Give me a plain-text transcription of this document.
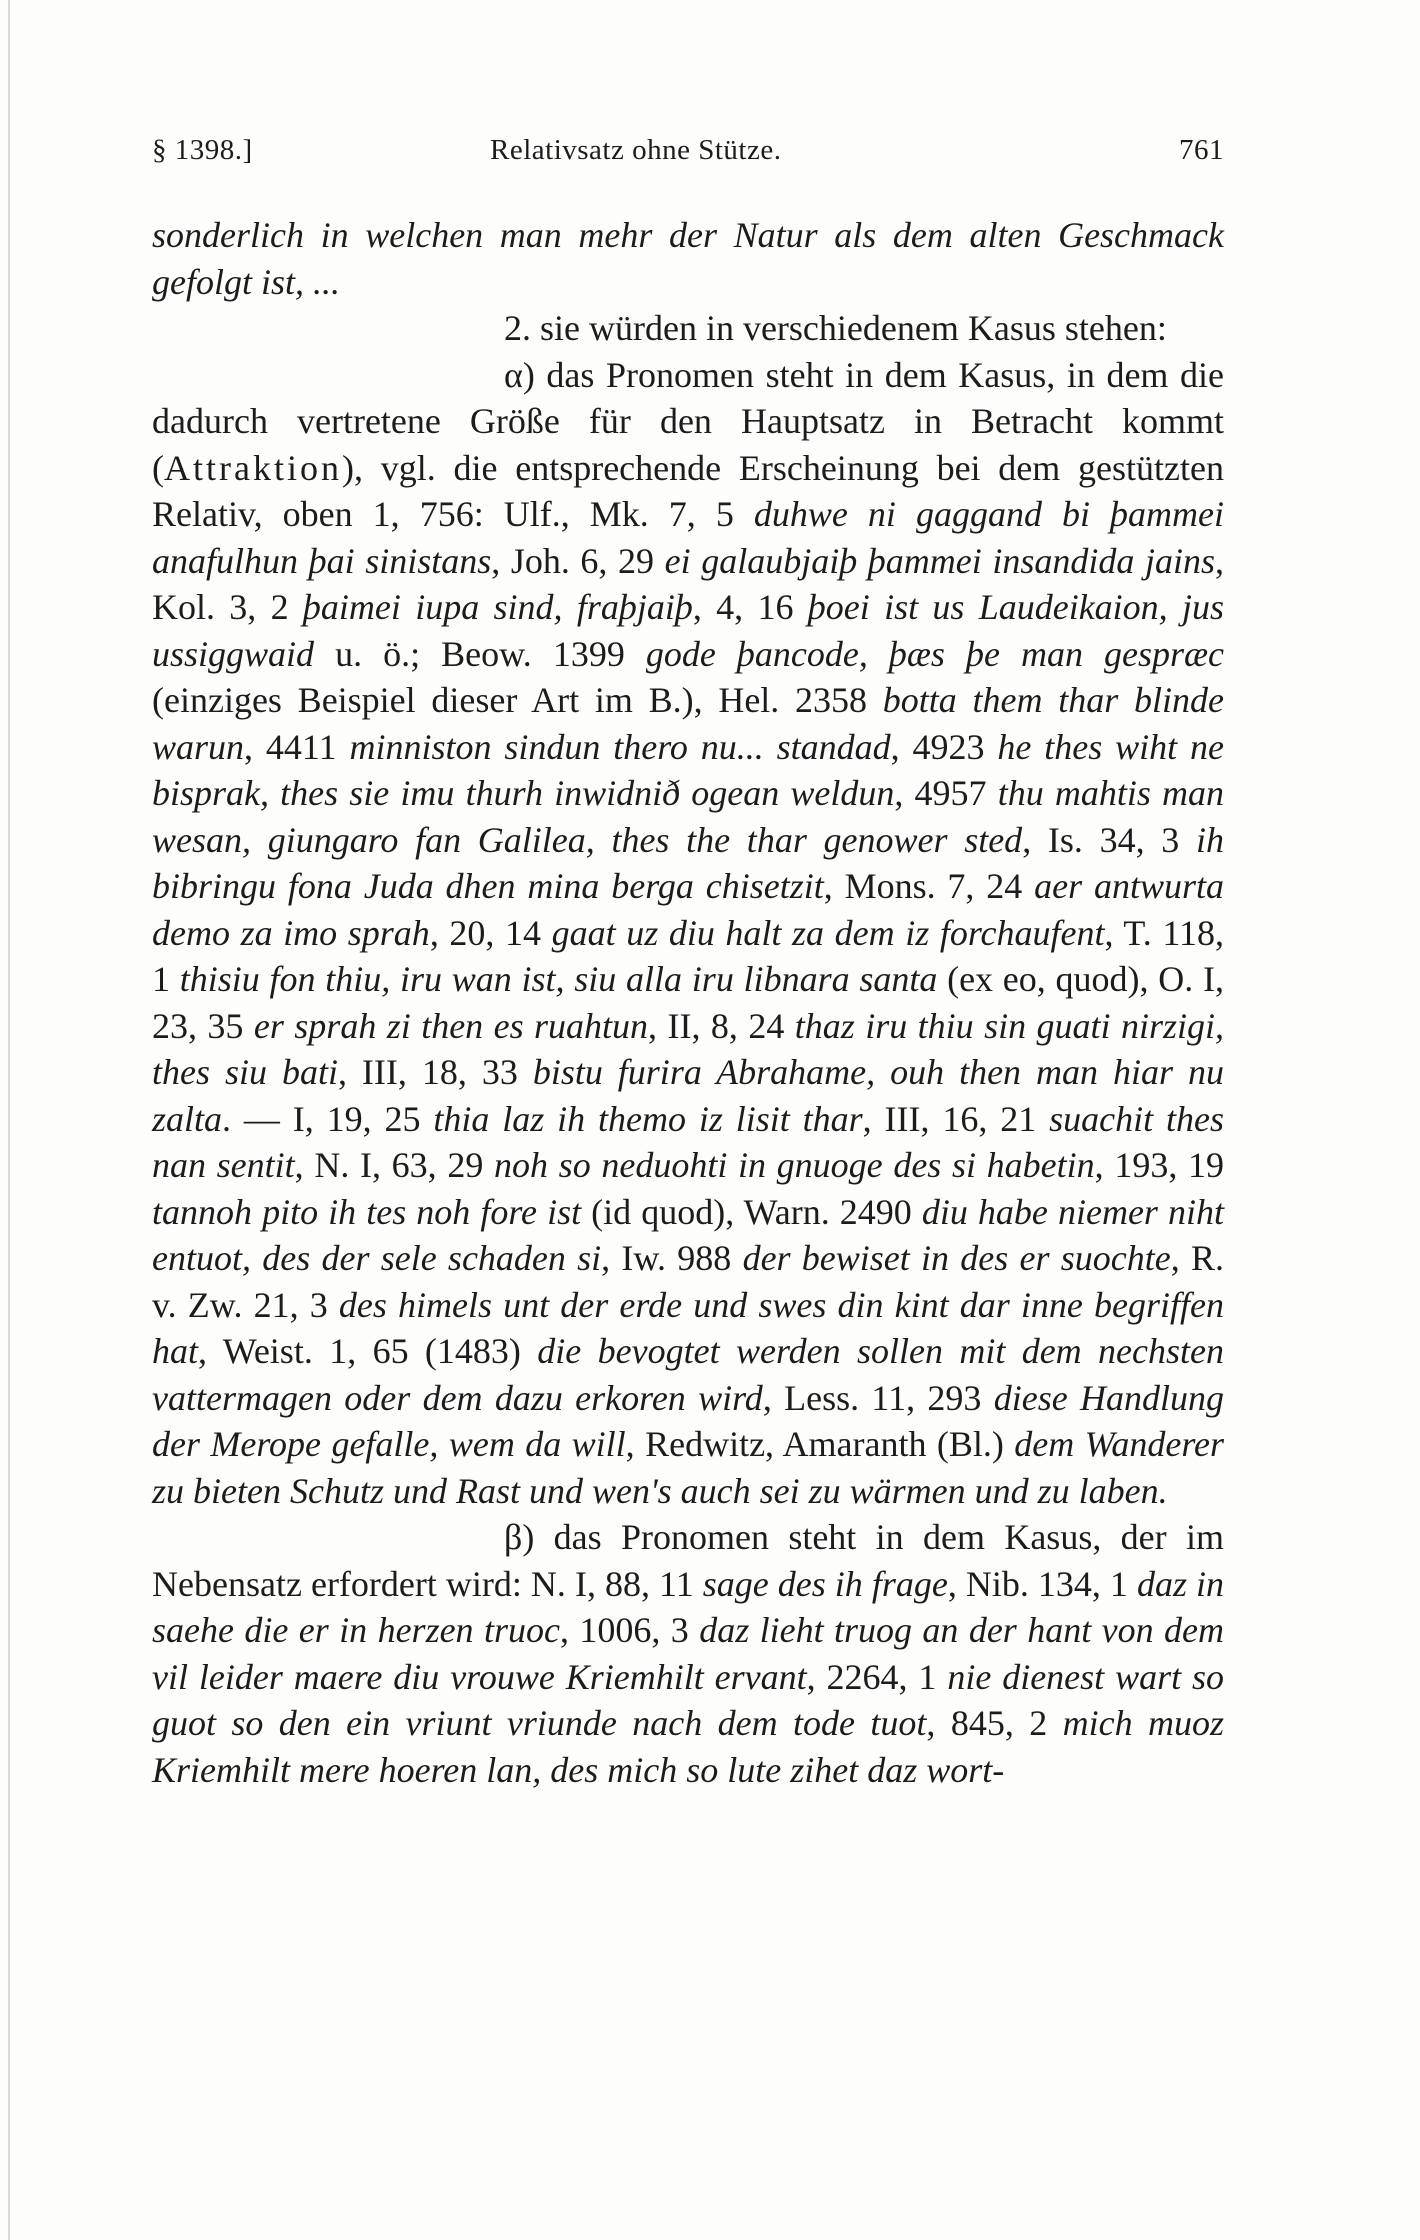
§ 1398.]	Relativsatz ohne Stütze.	761

sonderlich in welchen man mehr der Natur als dem alten Geschmack gefolgt ist, ...

2. sie würden in verschiedenem Kasus stehen:

α) das Pronomen steht in dem Kasus, in dem die dadurch vertretene Größe für den Hauptsatz in Betracht kommt (Attraktion), vgl. die entsprechende Erscheinung bei dem gestützten Relativ, oben 1, 756: Ulf., Mk. 7, 5 duhwe ni gaggand bi þammei anafulhun þai sinistans, Joh. 6, 29 ei galaubjaiþ þammei insandida jains, Kol. 3, 2 þaimei iupa sind, fraþjaiþ, 4, 16 þoei ist us Laudeikaion, jus ussiggwaid u. ö.; Beow. 1399 gode þancode, þæs þe man gespræc (einziges Beispiel dieser Art im B.), Hel. 2358 botta them thar blinde warun, 4411 minniston sindun thero nu... standad, 4923 he thes wiht ne bisprak, thes sie imu thurh inwidnið ogean weldun, 4957 thu mahtis man wesan, giungaro fan Galilea, thes the thar genower sted, Is. 34, 3 ih bibringu fona Juda dhen mina berga chisetzit, Mons. 7, 24 aer antwurta demo za imo sprah, 20, 14 gaat uz diu halt za dem iz forchaufent, T. 118, 1 thisiu fon thiu, iru wan ist, siu alla iru libnara santa (ex eo, quod), O. I, 23, 35 er sprah zi then es ruahtun, II, 8, 24 thaz iru thiu sin guati nirzigi, thes siu bati, III, 18, 33 bistu furira Abrahame, ouh then man hiar nu zalta. — I, 19, 25 thia laz ih themo iz lisit thar, III, 16, 21 suachit thes nan sentit, N. I, 63, 29 noh so neduohti in gnuoge des si habetin, 193, 19 tannoh pito ih tes noh fore ist (id quod), Warn. 2490 diu habe niemer niht entuot, des der sele schaden si, Iw. 988 der bewiset in des er suochte, R. v. Zw. 21, 3 des himels unt der erde und swes din kint dar inne begriffen hat, Weist. 1, 65 (1483) die bevogtet werden sollen mit dem nechsten vattermagen oder dem dazu erkoren wird, Less. 11, 293 diese Handlung der Merope gefalle, wem da will, Redwitz, Amaranth (Bl.) dem Wanderer zu bieten Schutz und Rast und wen's auch sei zu wärmen und zu laben.

β) das Pronomen steht in dem Kasus, der im Nebensatz erfordert wird: N. I, 88, 11 sage des ih frage, Nib. 134, 1 daz in saehe die er in herzen truoc, 1006, 3 daz lieht truog an der hant von dem vil leider maere diu vrouwe Kriemhilt ervant, 2264, 1 nie dienest wart so guot so den ein vriunt vriunde nach dem tode tuot, 845, 2 mich muoz Kriemhilt mere hoeren lan, des mich so lute zihet daz wort-
